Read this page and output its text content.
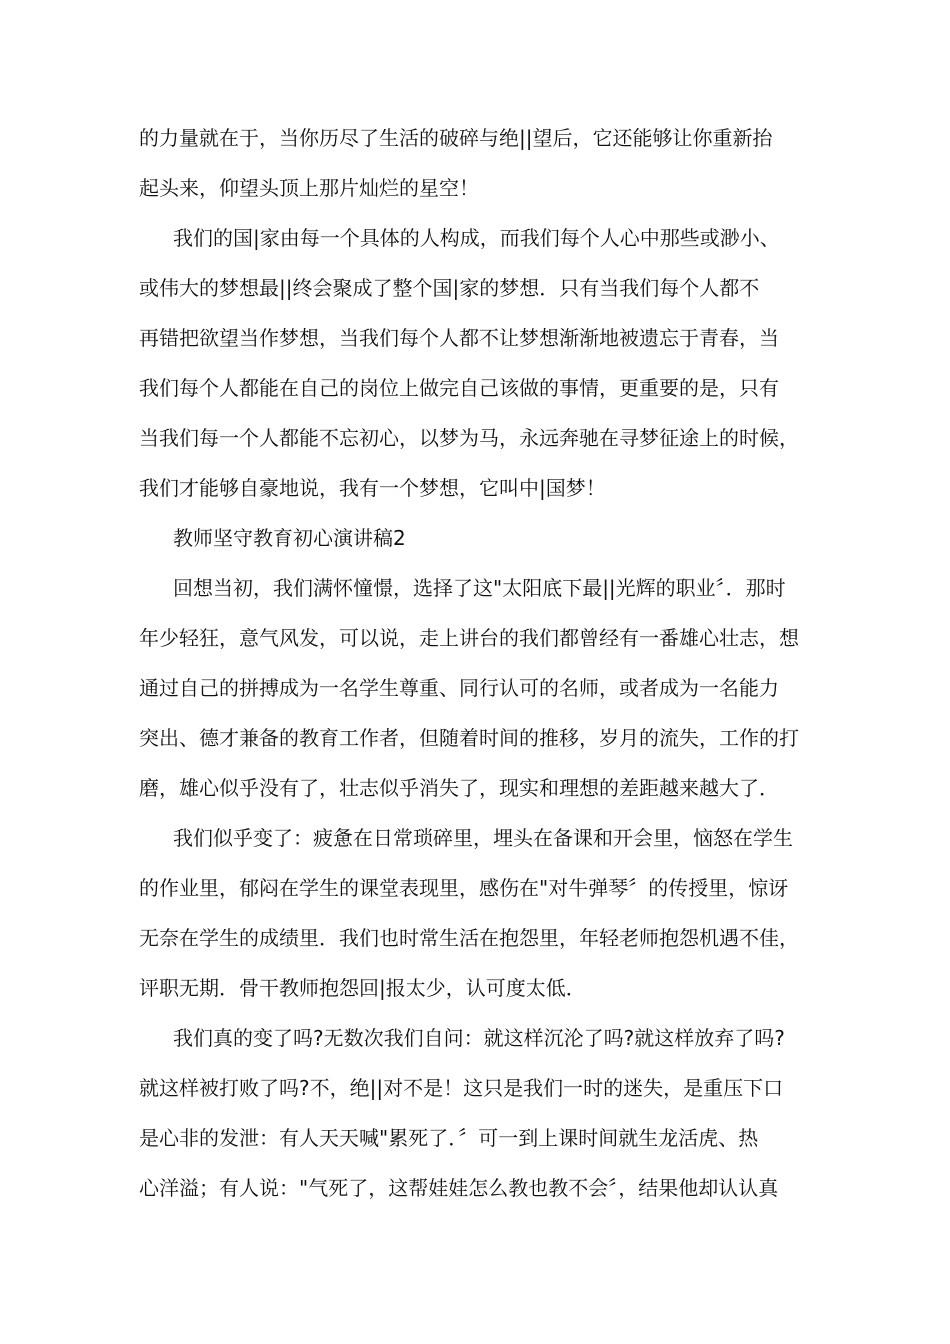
的力量就在于，当你历尽了生活的破碎与绝||望后，它还能够让你重新抬
起头来，仰望头顶上那片灿烂的星空！
我们的国|家由每一个具体的人构成，而我们每个人心中那些或渺小、
或伟大的梦想最||终会聚成了整个国|家的梦想．只有当我们每个人都不
再错把欲望当作梦想，当我们每个人都不让梦想渐渐地被遗忘于青春，当
我们每个人都能在自己的岗位上做完自己该做的事情，更重要的是，只有
当我们每一个人都能不忘初心，以梦为马，永远奔驰在寻梦征途上的时候，
我们才能够自豪地说，我有一个梦想，它叫中|国梦！
教师坚守教育初心演讲稿2
回想当初，我们满怀憧憬，选择了这"太阳底下最||光辉的职业〞．那时
年少轻狂，意气风发，可以说，走上讲台的我们都曾经有一番雄心壮志，想
通过自己的拼搏成为一名学生尊重、同行认可的名师，或者成为一名能力
突出、德才兼备的教育工作者，但随着时间的推移，岁月的流失，工作的打
磨，雄心似乎没有了，壮志似乎消失了，现实和理想的差距越来越大了．
我们似乎变了：疲惫在日常琐碎里，埋头在备课和开会里，恼怒在学生
的作业里，郁闷在学生的课堂表现里，感伤在"对牛弹琴〞的传授里，惊讶
无奈在学生的成绩里．我们也时常生活在抱怨里，年轻老师抱怨机遇不佳，
评职无期．骨干教师抱怨回|报太少，认可度太低．
我们真的变了吗?无数次我们自问：就这样沉沦了吗?就这样放弃了吗?
就这样被打败了吗?不，绝||对不是！这只是我们一时的迷失，是重压下口
是心非的发泄：有人天天喊"累死了．〞可一到上课时间就生龙活虎、热
心洋溢；有人说："气死了，这帮娃娃怎么教也教不会〞，结果他却认认真
